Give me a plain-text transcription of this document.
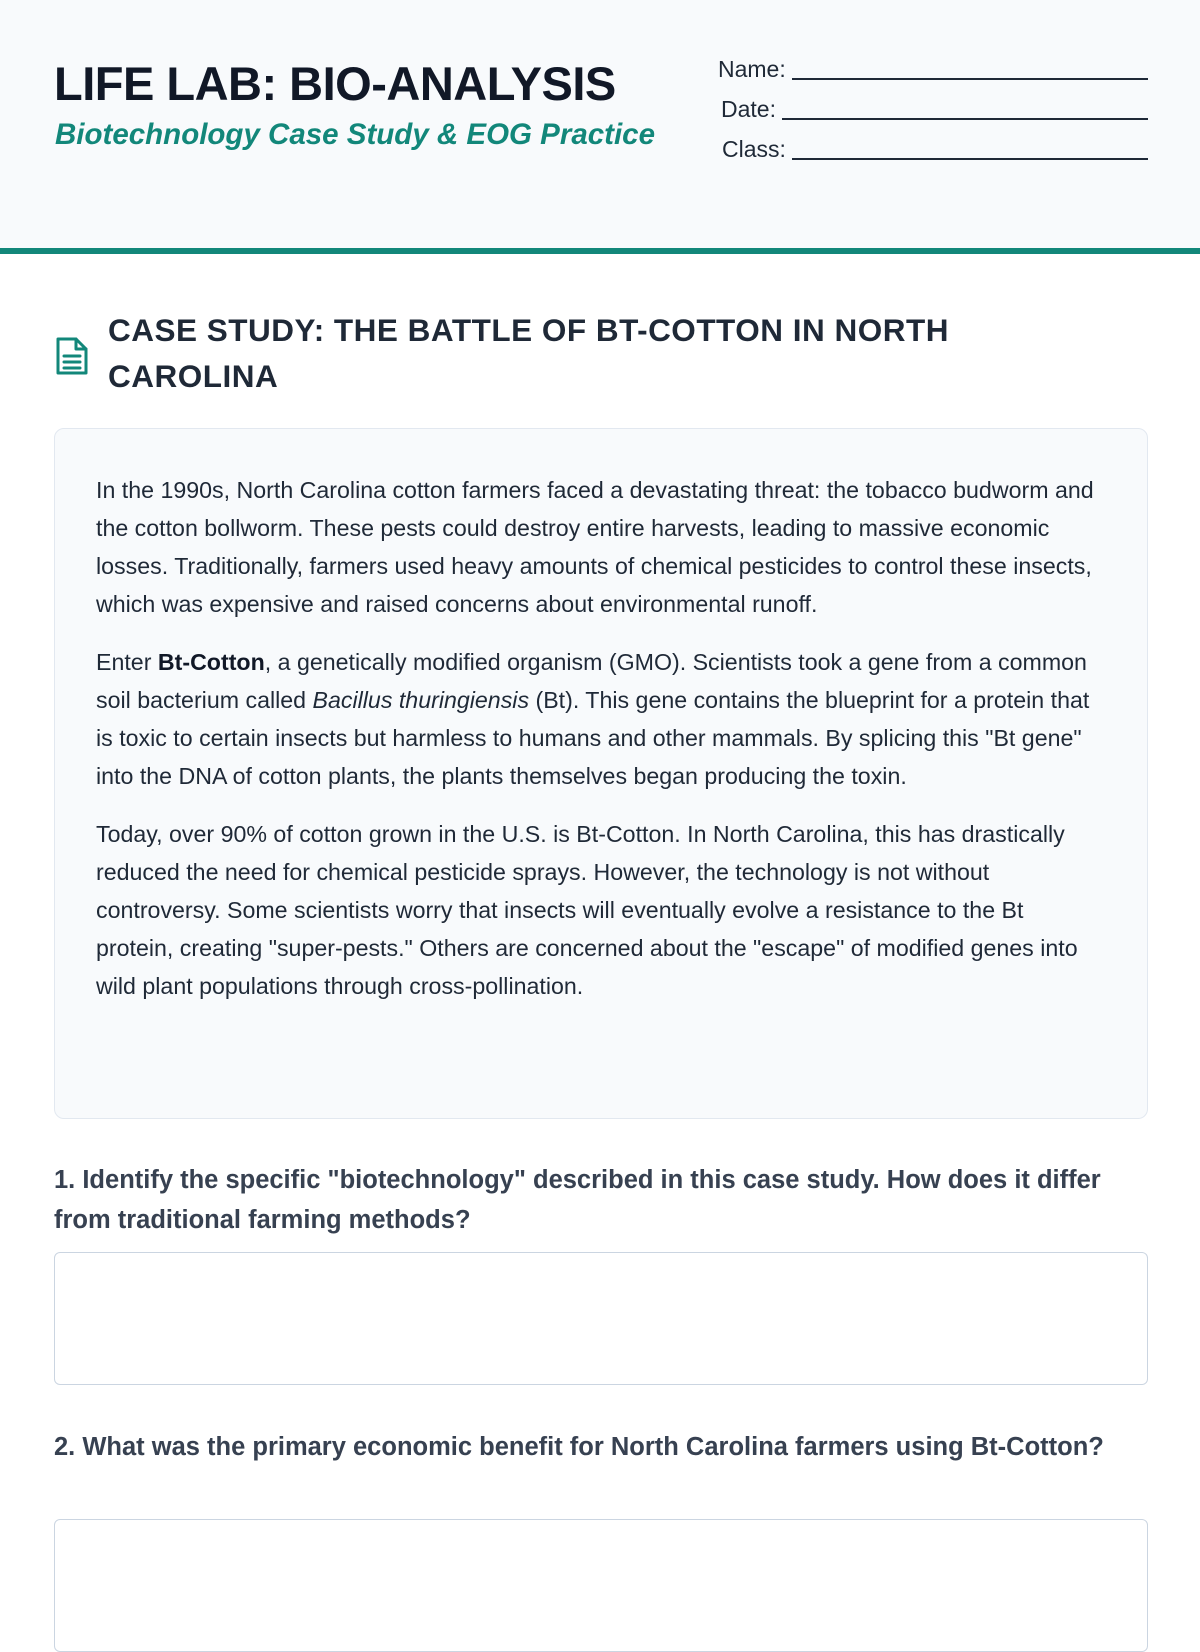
LIFE LAB: BIO-ANALYSIS
Biotechnology Case Study & EOG Practice
Name:
Date:
Class:
CASE STUDY: THE BATTLE OF BT-COTTON IN NORTH CAROLINA

In the 1990s, North Carolina cotton farmers faced a devastating threat: the tobacco budworm and the cotton bollworm. These pests could destroy entire harvests, leading to massive economic losses. Traditionally, farmers used heavy amounts of chemical pesticides to control these insects, which was expensive and raised concerns about environmental runoff.

Enter Bt-Cotton, a genetically modified organism (GMO). Scientists took a gene from a common soil bacterium called Bacillus thuringiensis (Bt). This gene contains the blueprint for a protein that is toxic to certain insects but harmless to humans and other mammals. By splicing this "Bt gene" into the DNA of cotton plants, the plants themselves began producing the toxin.

Today, over 90% of cotton grown in the U.S. is Bt-Cotton. In North Carolina, this has drastically reduced the need for chemical pesticide sprays. However, the technology is not without controversy. Some scientists worry that insects will eventually evolve a resistance to the Bt protein, creating "super-pests." Others are concerned about the "escape" of modified genes into wild plant populations through cross-pollination.

1. Identify the specific "biotechnology" described in this case study. How does it differ from traditional farming methods?
2. What was the primary economic benefit for North Carolina farmers using Bt-Cotton?
